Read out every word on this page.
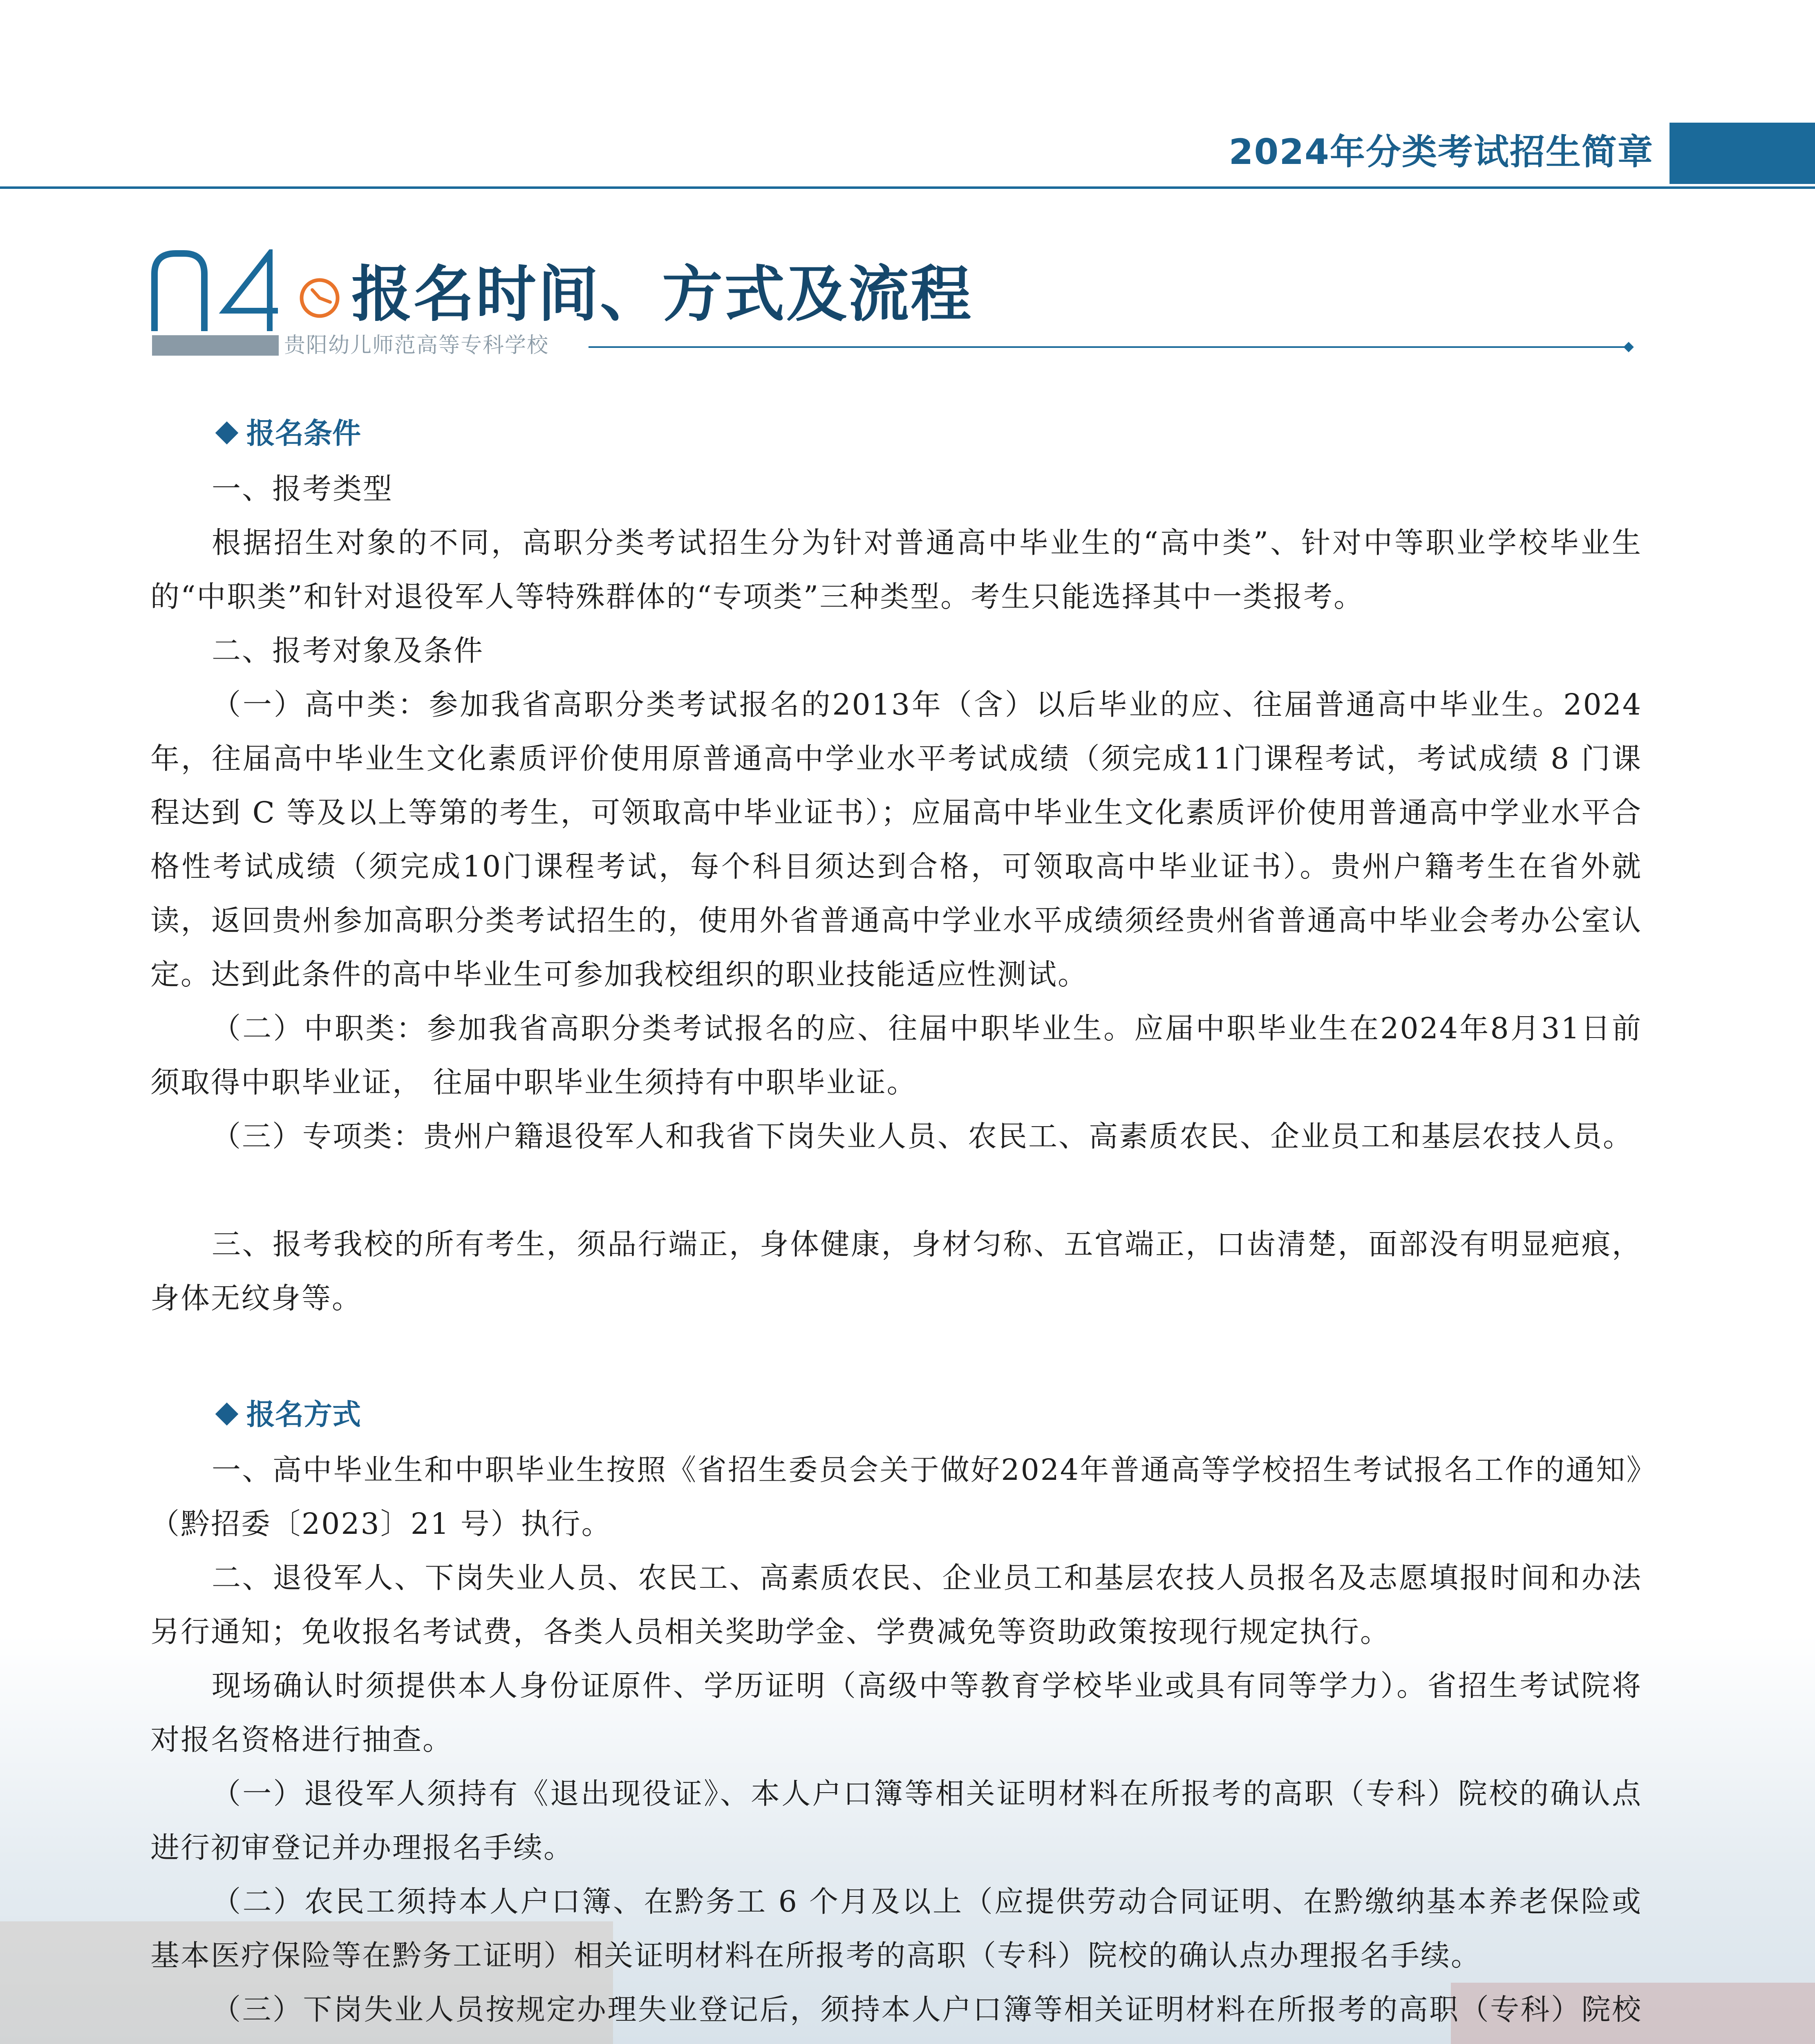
2024年分类考试招生简章
报名时间、方式及流程
贵阳幼儿师范高等专科学校
报名条件

一、报考类型

根据招生对象的不同，高职分类考试招生分为针对普通高中毕业生的“高中类”、针对中等职业学校毕业生的“中职类”和针对退役军人等特殊群体的“专项类”三种类型。考生只能选择其中一类报考。

二、报考对象及条件

（一）高中类：参加我省高职分类考试报名的2013年（含）以后毕业的应、往届普通高中毕业生。2024年，往届高中毕业生文化素质评价使用原普通高中学业水平考试成绩（须完成11门课程考试，考试成绩 8 门课程达到 C 等及以上等第的考生，可领取高中毕业证书）；应届高中毕业生文化素质评价使用普通高中学业水平合格性考试成绩（须完成10门课程考试，每个科目须达到合格，可领取高中毕业证书）。贵州户籍考生在省外就读，返回贵州参加高职分类考试招生的，使用外省普通高中学业水平成绩须经贵州省普通高中毕业会考办公室认定。达到此条件的高中毕业生可参加我校组织的职业技能适应性测试。

（二）中职类：参加我省高职分类考试报名的应、往届中职毕业生。应届中职毕业生在2024年8月31日前须取得中职毕业证， 往届中职毕业生须持有中职毕业证。

（三）专项类：贵州户籍退役军人和我省下岗失业人员、农民工、高素质农民、企业员工和基层农技人员。

三、报考我校的所有考生，须品行端正，身体健康，身材匀称、五官端正，口齿清楚，面部没有明显疤痕，身体无纹身等。

报名方式

一、高中毕业生和中职毕业生按照《省招生委员会关于做好2024年普通高等学校招生考试报名工作的通知》（黔招委〔2023〕21 号）执行。

二、退役军人、下岗失业人员、农民工、高素质农民、企业员工和基层农技人员报名及志愿填报时间和办法另行通知；免收报名考试费，各类人员相关奖助学金、学费减免等资助政策按现行规定执行。

现场确认时须提供本人身份证原件、学历证明（高级中等教育学校毕业或具有同等学力）。省招生考试院将对报名资格进行抽查。

（一）退役军人须持有《退出现役证》、本人户口簿等相关证明材料在所报考的高职（专科）院校的确认点进行初审登记并办理报名手续。

（二）农民工须持本人户口簿、在黔务工 6 个月及以上（应提供劳动合同证明、在黔缴纳基本养老保险或基本医疗保险等在黔务工证明）相关证明材料在所报考的高职（专科）院校的确认点办理报名手续。

（三）下岗失业人员按规定办理失业登记后，须持本人户口簿等相关证明材料在所报考的高职（专科）院校
